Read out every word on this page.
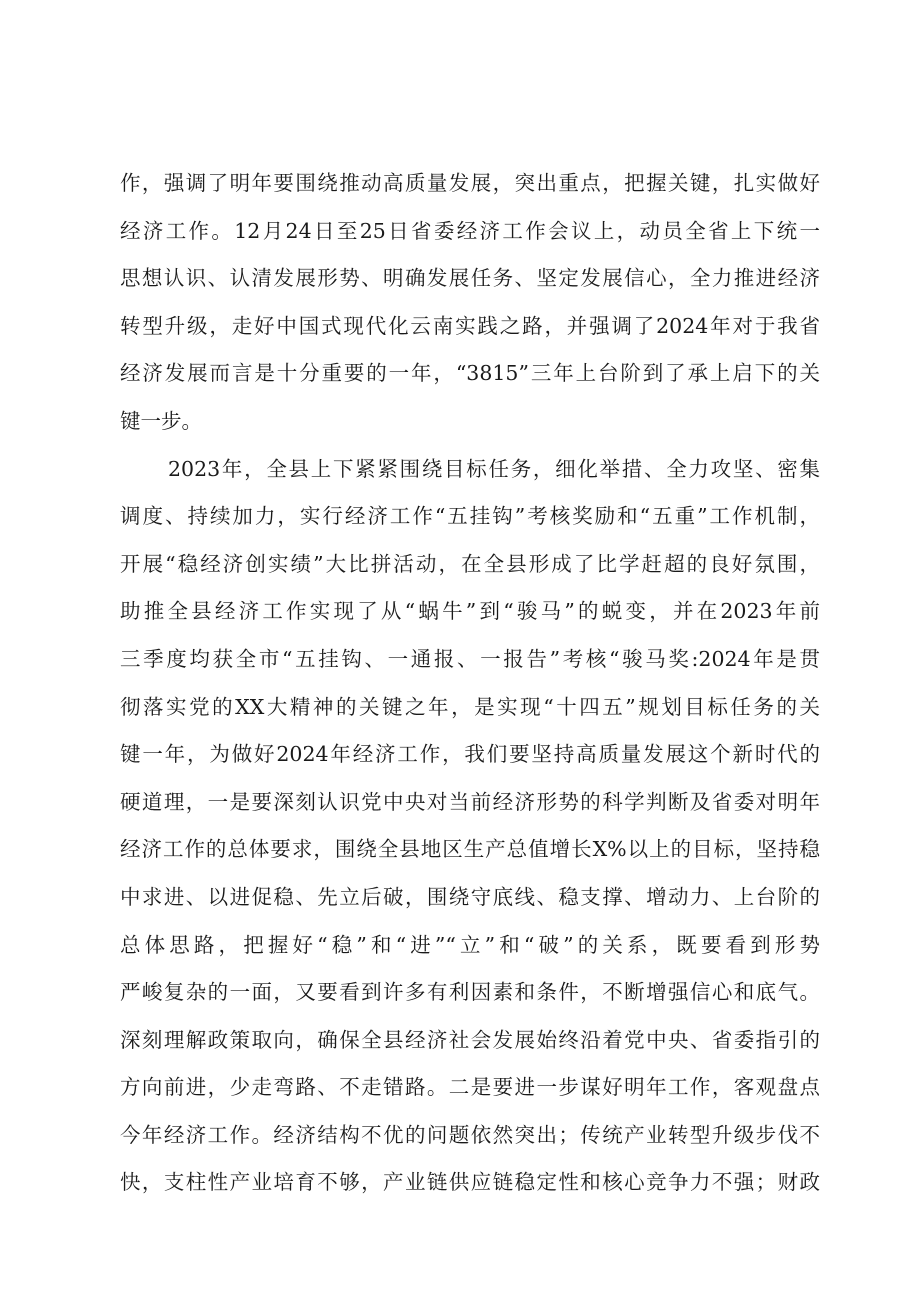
作，强调了明年要围绕推动高质量发展，突出重点，把握关键，扎实做好
经济工作。12月24日至25日省委经济工作会议上，动员全省上下统一
思想认识、认清发展形势、明确发展任务、坚定发展信心，全力推进经济
转型升级，走好中国式现代化云南实践之路，并强调了2024年对于我省
经济发展而言是十分重要的一年，“3815”三年上台阶到了承上启下的关
键一步。
2023年，全县上下紧紧围绕目标任务，细化举措、全力攻坚、密集
调度、持续加力，实行经济工作“五挂钩”考核奖励和“五重”工作机制，
开展“稳经济创实绩”大比拼活动，在全县形成了比学赶超的良好氛围，
助推全县经济工作实现了从“蜗牛”到“骏马”的蜕变，并在2023年前
三季度均获全市“五挂钩、一通报、一报告”考核“骏马奖:2024年是贯
彻落实党的XX大精神的关键之年，是实现“十四五”规划目标任务的关
键一年，为做好2024年经济工作，我们要坚持高质量发展这个新时代的
硬道理，一是要深刻认识党中央对当前经济形势的科学判断及省委对明年
经济工作的总体要求，围绕全县地区生产总值增长X%以上的目标，坚持稳
中求进、以进促稳、先立后破，围绕守底线、稳支撑、增动力、上台阶的
总体思路，把握好“稳”和“进”“立”和“破”的关系，既要看到形势
严峻复杂的一面，又要看到许多有利因素和条件，不断增强信心和底气。
深刻理解政策取向，确保全县经济社会发展始终沿着党中央、省委指引的
方向前进，少走弯路、不走错路。二是要进一步谋好明年工作，客观盘点
今年经济工作。经济结构不优的问题依然突出；传统产业转型升级步伐不
快，支柱性产业培育不够，产业链供应链稳定性和核心竞争力不强；财政
